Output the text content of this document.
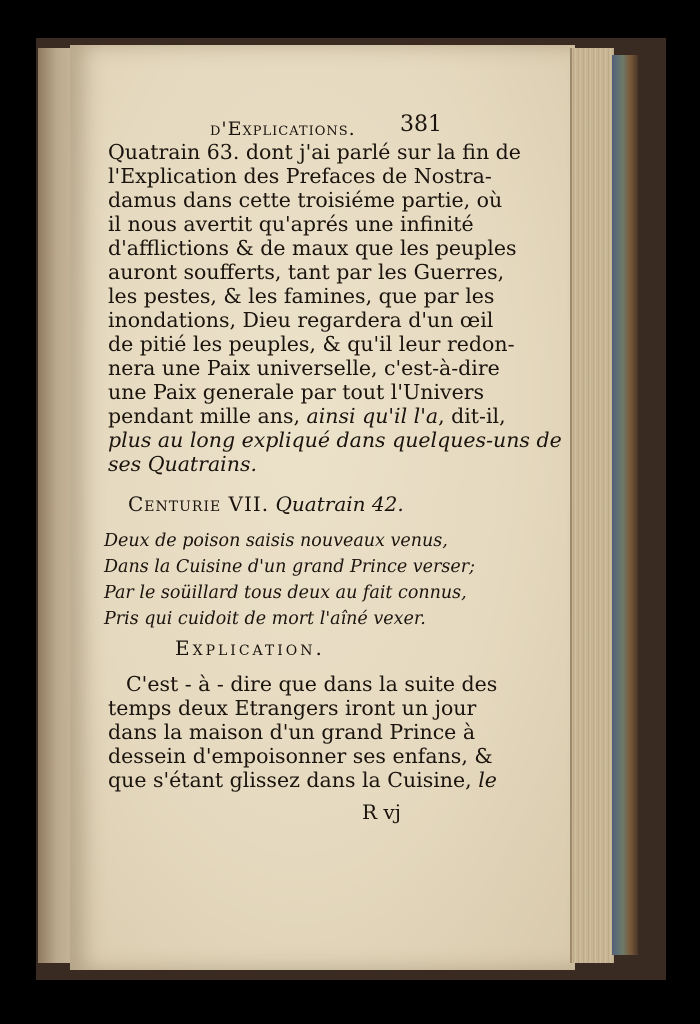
d'Explications. 381
Quatrain 63. dont j'ai parlé sur la fin de
l'Explication des Prefaces de Nostra-
damus dans cette troisiéme partie, où
il nous avertit qu'aprés une infinité
d'afflictions & de maux que les peuples
auront soufferts, tant par les Guerres,
les pestes, & les famines, que par les
inondations, Dieu regardera d'un œil
de pitié les peuples, & qu'il leur redon-
nera une Paix universelle, c'est-à-dire
une Paix generale par tout l'Univers
pendant mille ans, ainsi qu'il l'a, dit-il,
plus au long expliqué dans quelques-uns de
ses Quatrains.
Centurie VII. Quatrain 42.
Deux de poison saisis nouveaux venus,
Dans la Cuisine d'un grand Prince verser;
Par le soüillard tous deux au fait connus,
Pris qui cuidoit de mort l'aîné vexer.
Explication.
C'est - à - dire que dans la suite des
temps deux Etrangers iront un jour
dans la maison d'un grand Prince à
dessein d'empoisonner ses enfans, &
que s'étant glissez dans la Cuisine, le
R vj
